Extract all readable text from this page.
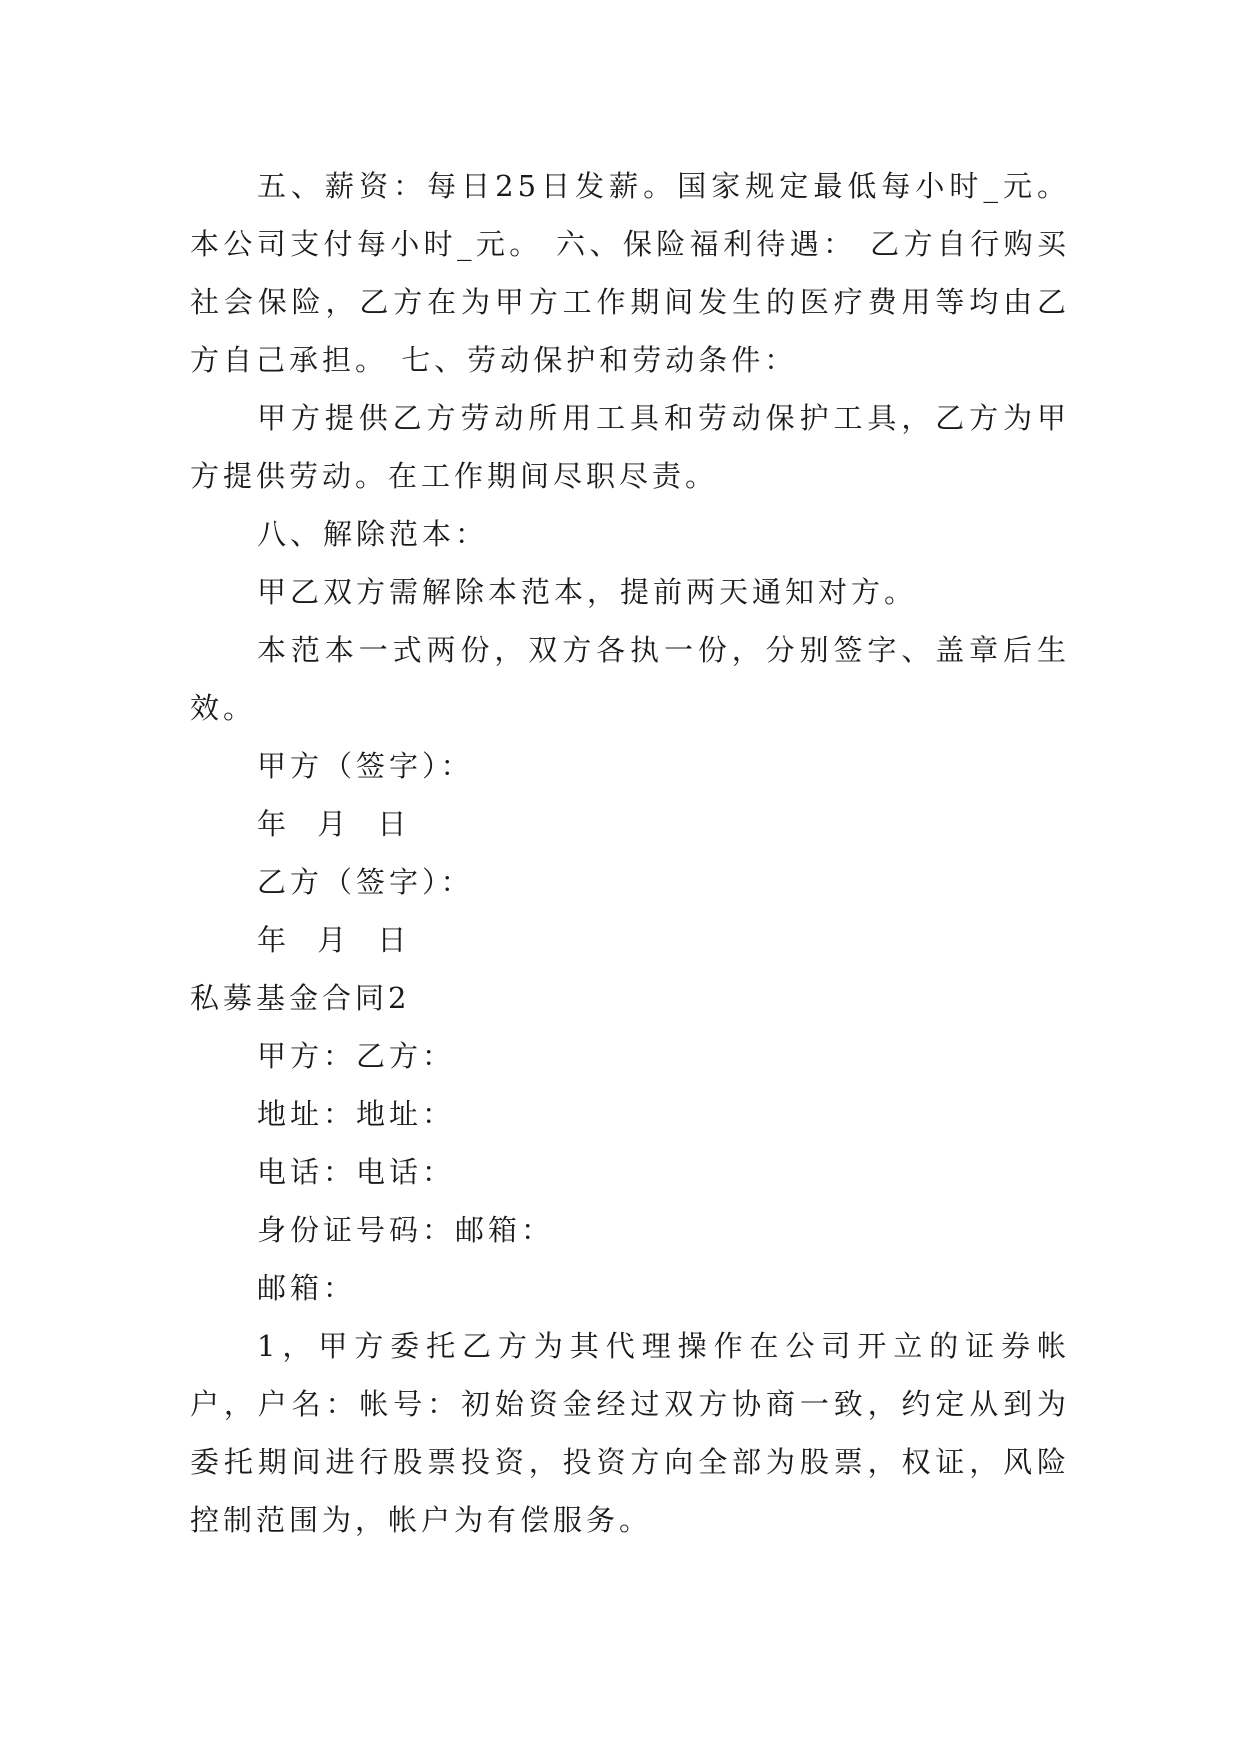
五、薪资：每日25日发薪。国家规定最低每小时_元。本公司支付每小时_元。 六、保险福利待遇： 乙方自行购买社会保险，乙方在为甲方工作期间发生的医疗费用等均由乙方自己承担。 七、劳动保护和劳动条件：

甲方提供乙方劳动所用工具和劳动保护工具，乙方为甲方提供劳动。在工作期间尽职尽责。

八、解除范本：

甲乙双方需解除本范本，提前两天通知对方。

本范本一式两份，双方各执一份，分别签字、盖章后生效。

甲方（签字）：

年 月 日

乙方（签字）：

年 月 日

私募基金合同2

甲方：乙方：

地址：地址：

电话：电话：

身份证号码：邮箱：

邮箱：

1，甲方委托乙方为其代理操作在公司开立的证券帐户，户名：帐号：初始资金经过双方协商一致，约定从到为委托期间进行股票投资，投资方向全部为股票，权证，风险控制范围为，帐户为有偿服务。
